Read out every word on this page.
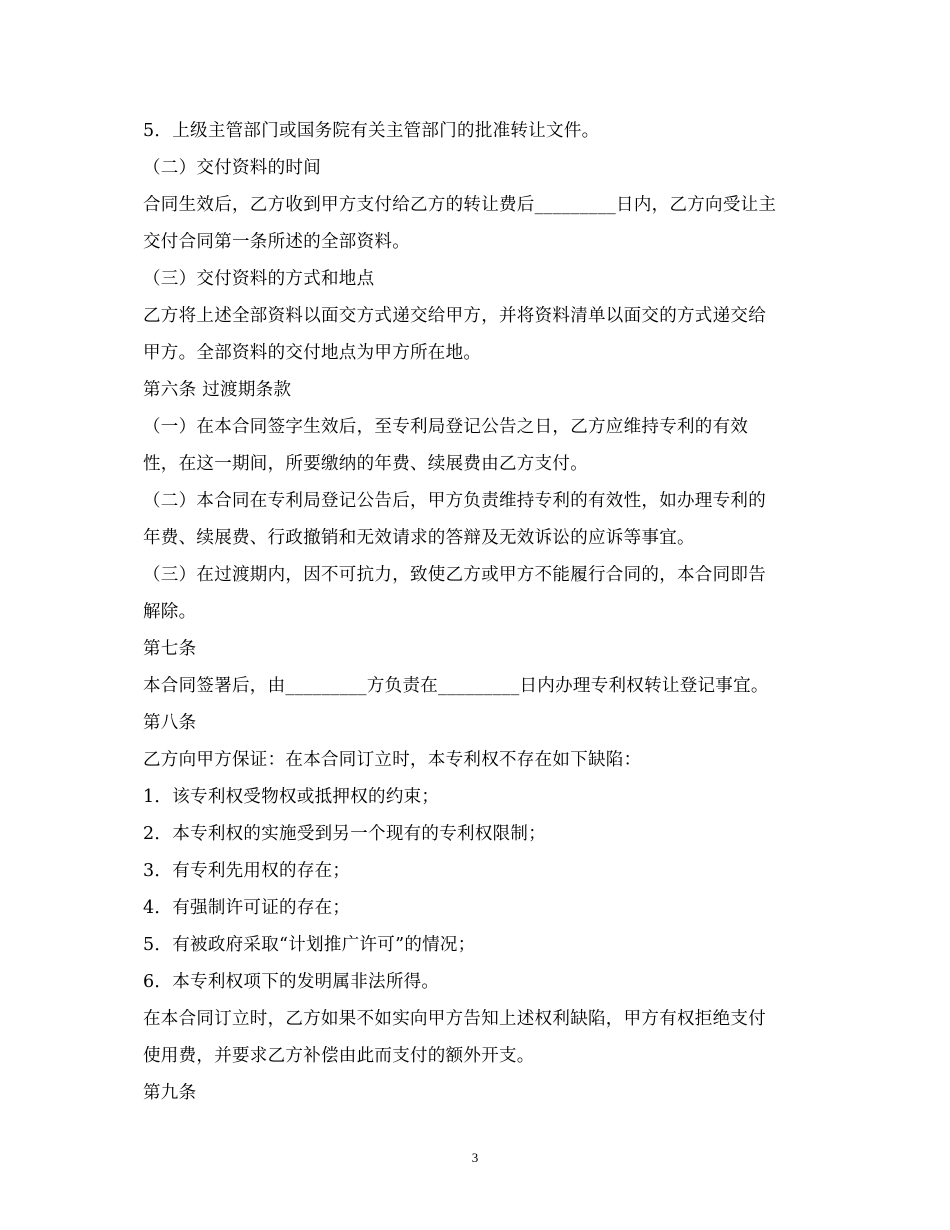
5．上级主管部门或国务院有关主管部门的批准转让文件。

（二）交付资料的时间

合同生效后，乙方收到甲方支付给乙方的转让费后_________日内，乙方向受让主

交付合同第一条所述的全部资料。

（三）交付资料的方式和地点

乙方将上述全部资料以面交方式递交给甲方，并将资料清单以面交的方式递交给

甲方。全部资料的交付地点为甲方所在地。

第六条 过渡期条款

（一）在本合同签字生效后，至专利局登记公告之日，乙方应维持专利的有效

性，在这一期间，所要缴纳的年费、续展费由乙方支付。

（二）本合同在专利局登记公告后，甲方负责维持专利的有效性，如办理专利的

年费、续展费、行政撤销和无效请求的答辩及无效诉讼的应诉等事宜。

（三）在过渡期内，因不可抗力，致使乙方或甲方不能履行合同的，本合同即告

解除。

第七条

本合同签署后，由_________方负责在_________日内办理专利权转让登记事宜。

第八条

乙方向甲方保证：在本合同订立时，本专利权不存在如下缺陷：

1．该专利权受物权或抵押权的约束；

2．本专利权的实施受到另一个现有的专利权限制；

3．有专利先用权的存在；

4．有强制许可证的存在；

5．有被政府采取“计划推广许可”的情况；

6．本专利权项下的发明属非法所得。

在本合同订立时，乙方如果不如实向甲方告知上述权利缺陷，甲方有权拒绝支付

使用费，并要求乙方补偿由此而支付的额外开支。

第九条

3
